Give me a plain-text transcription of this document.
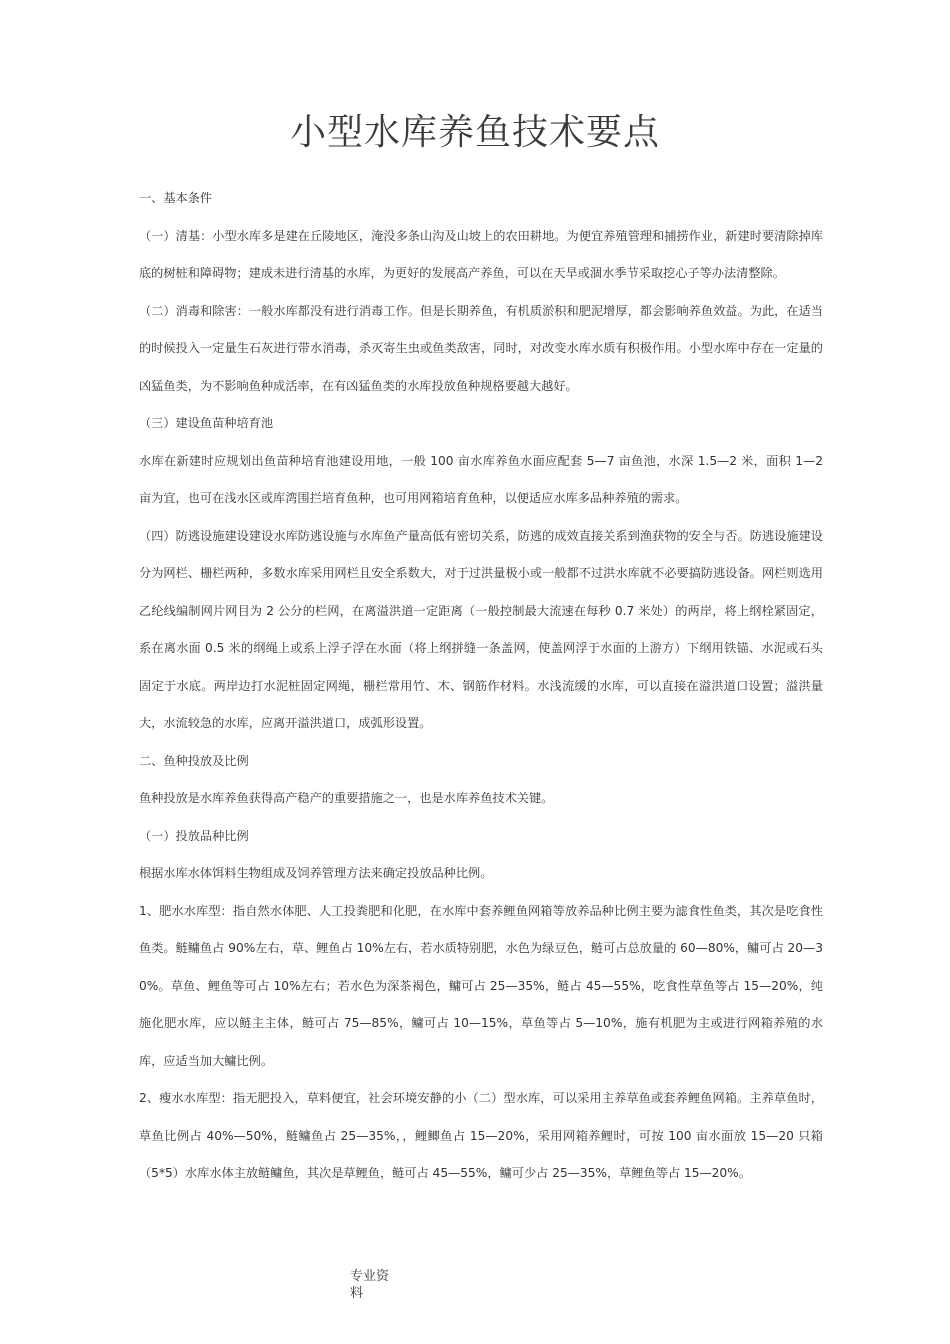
小型水库养鱼技术要点

一、基本条件

（一）清基：小型水库多是建在丘陵地区，淹没多条山沟及山坡上的农田耕地。为便宜养殖管理和捕捞作业，新建时要清除掉库底的树桩和障碍物；建成未进行清基的水库，为更好的发展高产养鱼，可以在天旱或涸水季节采取挖心子等办法清整除。

（二）消毒和除害：一般水库都没有进行消毒工作。但是长期养鱼，有机质淤积和肥泥增厚，都会影响养鱼效益。为此，在适当的时候投入一定量生石灰进行带水消毒，杀灭寄生虫或鱼类敌害，同时，对改变水库水质有积极作用。小型水库中存在一定量的凶猛鱼类，为不影响鱼种成活率，在有凶猛鱼类的水库投放鱼种规格要越大越好。

（三）建设鱼苗种培育池

水库在新建时应规划出鱼苗种培育池建设用地，一般 100 亩水库养鱼水面应配套 5—7 亩鱼池，水深 1.5—2 米，面积 1—2 亩为宜，也可在浅水区或库湾围拦培育鱼种，也可用网箱培育鱼种，以便适应水库多品种养殖的需求。

（四）防逃设施建设建设水库防逃设施与水库鱼产量高低有密切关系，防逃的成效直接关系到渔获物的安全与否。防逃设施建设分为网栏、栅栏两种，多数水库采用网栏且安全系数大，对于过洪量极小或一般都不过洪水库就不必要搞防逃设备。网栏则选用乙纶线编制网片网目为 2 公分的栏网，在离溢洪道一定距离（一般控制最大流速在每秒 0.7 米处）的两岸，将上纲栓紧固定，系在离水面 0.5 米的纲绳上或系上浮子浮在水面（将上纲拼缝一条盖网，使盖网浮于水面的上游方）下纲用铁锚、水泥或石头固定于水底。两岸边打水泥桩固定网绳，栅栏常用竹、木、钢筋作材料。水浅流缓的水库，可以直接在溢洪道口设置；溢洪量大，水流较急的水库，应离开溢洪道口，成弧形设置。

二、鱼种投放及比例

鱼种投放是水库养鱼获得高产稳产的重要措施之一，也是水库养鱼技术关键。

（一）投放品种比例

根据水库水体饵料生物组成及饲养管理方法来确定投放品种比例。

1、肥水水库型：指自然水体肥、人工投粪肥和化肥，在水库中套养鲤鱼网箱等放养品种比例主要为滤食性鱼类，其次是吃食性鱼类。鲢鳙鱼占 90%左右，草、鲤鱼占 10%左右，若水质特别肥，水色为绿豆色，鲢可占总放量的 60—80%，鳙可占 20—30%。草鱼、鲤鱼等可占 10%左右；若水色为深茶褐色，鳙可占 25—35%，鲢占 45—55%，吃食性草鱼等占 15—20%，纯施化肥水库，应以鲢主主体，鲢可占 75—85%，鳙可占 10—15%，草鱼等占 5—10%，施有机肥为主或进行网箱养殖的水库，应适当加大鳙比例。

2、瘦水水库型：指无肥投入，草料便宜，社会环境安静的小（二）型水库，可以采用主养草鱼或套养鲤鱼网箱。主养草鱼时，草鱼比例占 40%—50%，鲢鳙鱼占 25—35%，，鲤鲫鱼占 15—20%，采用网箱养鲤时，可按 100 亩水面放 15—20 只箱（5*5）水库水体主放鲢鳙鱼，其次是草鲤鱼，鲢可占 45—55%，鳙可少占 25—35%，草鲤鱼等占 15—20%。

专业资料
